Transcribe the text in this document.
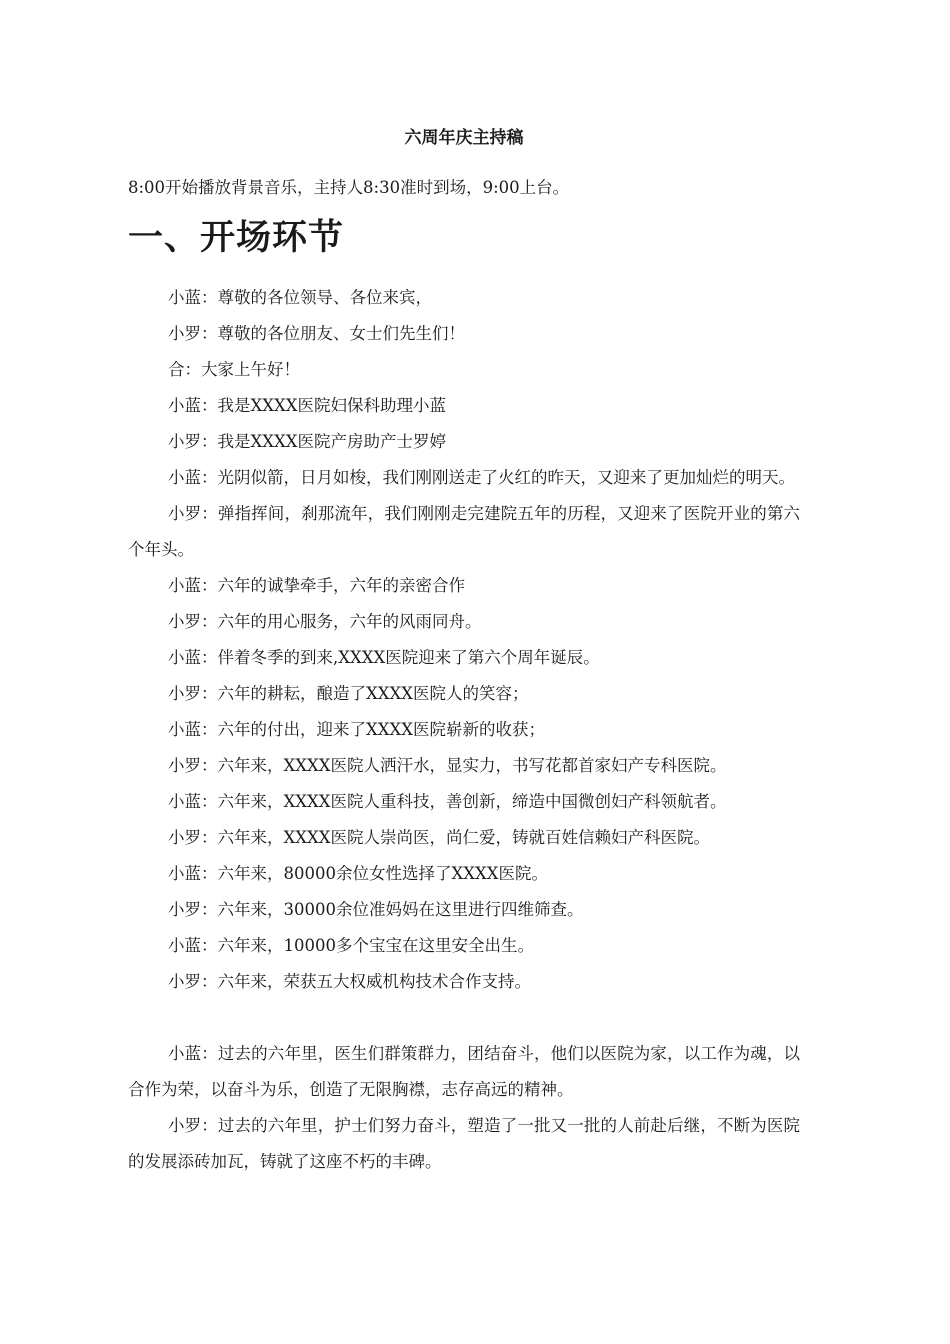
六周年庆主持稿

8:00开始播放背景音乐，主持人8:30准时到场，9:00上台。

一、开场环节

小蓝：尊敬的各位领导、各位来宾，

小罗：尊敬的各位朋友、女士们先生们！

合：大家上午好！

小蓝：我是XXXX医院妇保科助理小蓝

小罗：我是XXXX医院产房助产士罗婷

小蓝：光阴似箭，日月如梭，我们刚刚送走了火红的昨天，又迎来了更加灿烂的明天。

小罗：弹指挥间，刹那流年，我们刚刚走完建院五年的历程，又迎来了医院开业的第六个年头。

小蓝：六年的诚挚牵手，六年的亲密合作

小罗：六年的用心服务，六年的风雨同舟。

小蓝：伴着冬季的到来,XXXX医院迎来了第六个周年诞辰。

小罗：六年的耕耘，酿造了XXXX医院人的笑容；

小蓝：六年的付出，迎来了XXXX医院崭新的收获；

小罗：六年来，XXXX医院人洒汗水，显实力，书写花都首家妇产专科医院。

小蓝：六年来，XXXX医院人重科技，善创新，缔造中国微创妇产科领航者。

小罗：六年来，XXXX医院人崇尚医，尚仁爱，铸就百姓信赖妇产科医院。

小蓝：六年来，80000余位女性选择了XXXX医院。

小罗：六年来，30000余位准妈妈在这里进行四维筛查。

小蓝：六年来，10000多个宝宝在这里安全出生。

小罗：六年来，荣获五大权威机构技术合作支持。

小蓝：过去的六年里，医生们群策群力，团结奋斗，他们以医院为家，以工作为魂，以合作为荣，以奋斗为乐，创造了无限胸襟，志存高远的精神。

小罗：过去的六年里，护士们努力奋斗，塑造了一批又一批的人前赴后继，不断为医院的发展添砖加瓦，铸就了这座不朽的丰碑。
